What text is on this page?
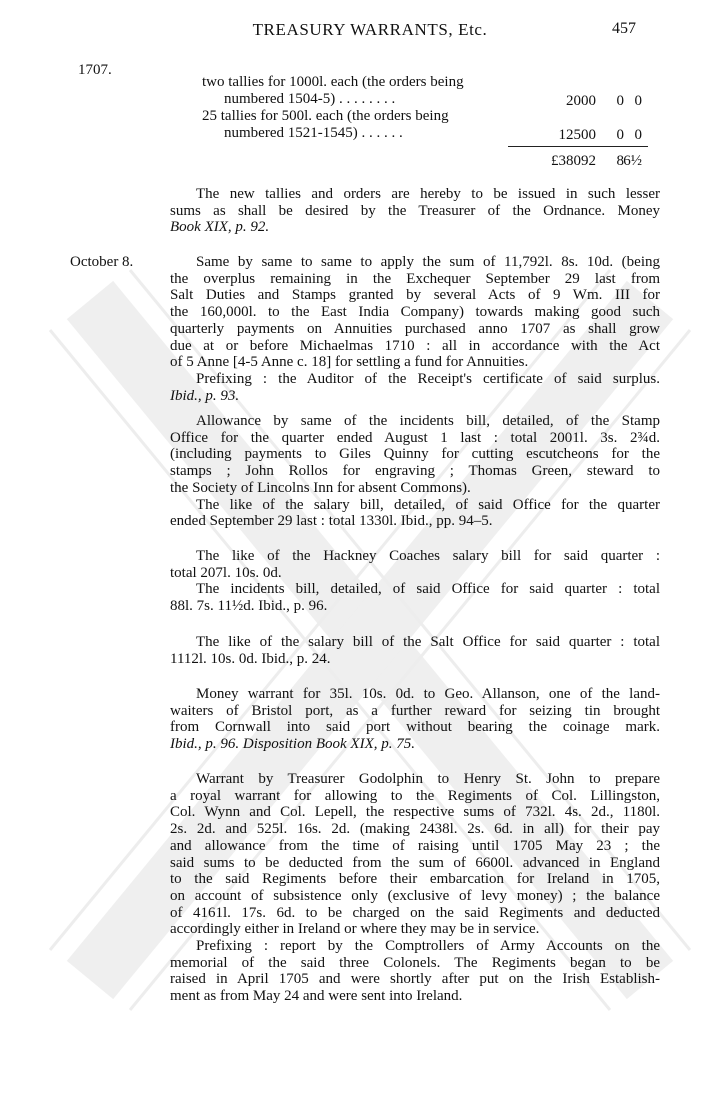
TREASURY WARRANTS, Etc.	457
1707.
two tallies for 1000l. each (the orders being
numbered 1504-5) . . . . . . . .	2000 0 0
25 tallies for 500l. each (the orders being
numbered 1521-1545) . . . . . .	12500 0 0
£38092 8 6½
The new tallies and orders are hereby to be issued in such lesser
sums as shall be desired by the Treasurer of the Ordnance. Money
Book XIX, p. 92.
October 8.	Same by same to same to apply the sum of 11,792l. 8s. 10d. (being
the overplus remaining in the Exchequer September 29 last from
Salt Duties and Stamps granted by several Acts of 9 Wm. III for
the 160,000l. to the East India Company) towards making good such
quarterly payments on Annuities purchased anno 1707 as shall grow
due at or before Michaelmas 1710 : all in accordance with the Act
of 5 Anne [4-5 Anne c. 18] for settling a fund for Annuities.
Prefixing : the Auditor of the Receipt's certificate of said surplus.
Ibid., p. 93.
Allowance by same of the incidents bill, detailed, of the Stamp
Office for the quarter ended August 1 last : total 2001l. 3s. 2¾d.
(including payments to Giles Quinny for cutting escutcheons for the
stamps ; John Rollos for engraving ; Thomas Green, steward to
the Society of Lincolns Inn for absent Commons).
The like of the salary bill, detailed, of said Office for the quarter
ended September 29 last : total 1330l. Ibid., pp. 94–5.
The like of the Hackney Coaches salary bill for said quarter :
total 207l. 10s. 0d.
The incidents bill, detailed, of said Office for said quarter : total
88l. 7s. 11½d. Ibid., p. 96.
The like of the salary bill of the Salt Office for said quarter : total
1112l. 10s. 0d. Ibid., p. 24.
Money warrant for 35l. 10s. 0d. to Geo. Allanson, one of the land-
waiters of Bristol port, as a further reward for seizing tin brought
from Cornwall into said port without bearing the coinage mark.
Ibid., p. 96. Disposition Book XIX, p. 75.
Warrant by Treasurer Godolphin to Henry St. John to prepare
a royal warrant for allowing to the Regiments of Col. Lillingston,
Col. Wynn and Col. Lepell, the respective sums of 732l. 4s. 2d., 1180l.
2s. 2d. and 525l. 16s. 2d. (making 2438l. 2s. 6d. in all) for their pay
and allowance from the time of raising until 1705 May 23 ; the
said sums to be deducted from the sum of 6600l. advanced in England
to the said Regiments before their embarcation for Ireland in 1705,
on account of subsistence only (exclusive of levy money) ; the balance
of 4161l. 17s. 6d. to be charged on the said Regiments and deducted
accordingly either in Ireland or where they may be in service.
Prefixing : report by the Comptrollers of Army Accounts on the
memorial of the said three Colonels. The Regiments began to be
raised in April 1705 and were shortly after put on the Irish Establish-
ment as from May 24 and were sent into Ireland.
